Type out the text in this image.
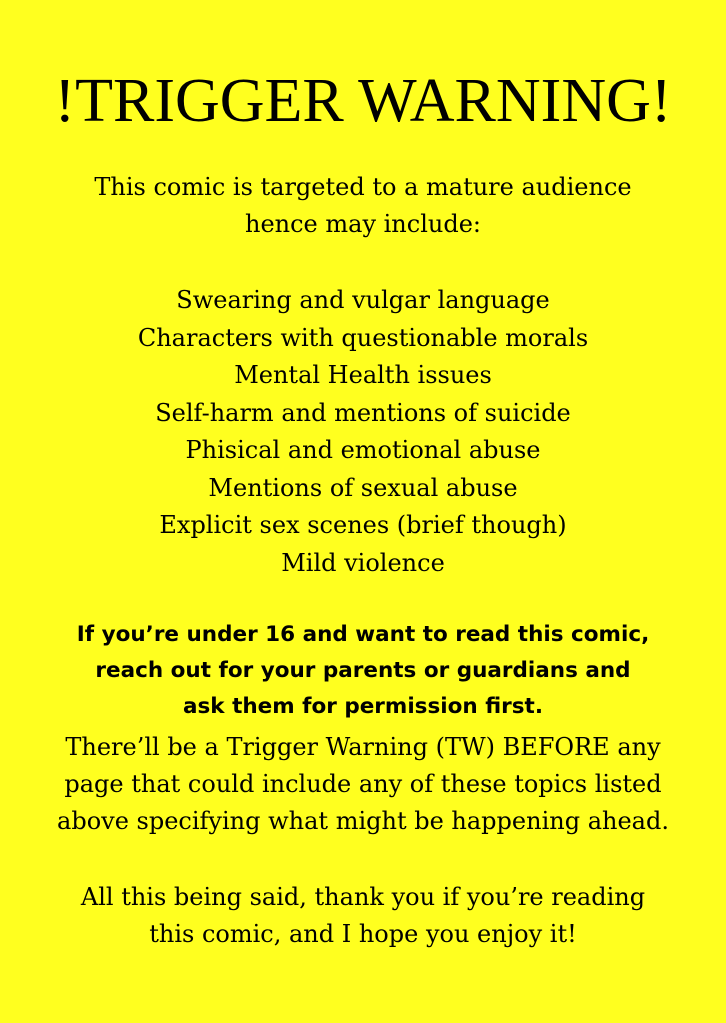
!TRIGGER WARNING!
This comic is targeted to a mature audience
hence may include:
Swearing and vulgar language
Characters with questionable morals
Mental Health issues
Self-harm and mentions of suicide
Phisical and emotional abuse
Mentions of sexual abuse
Explicit sex scenes (brief though)
Mild violence
If you’re under 16 and want to read this comic,
reach out for your parents or guardians and
ask them for permission first.
There’ll be a Trigger Warning (TW) BEFORE any
page that could include any of these topics listed
above specifying what might be happening ahead.
All this being said, thank you if you’re reading
this comic, and I hope you enjoy it!
